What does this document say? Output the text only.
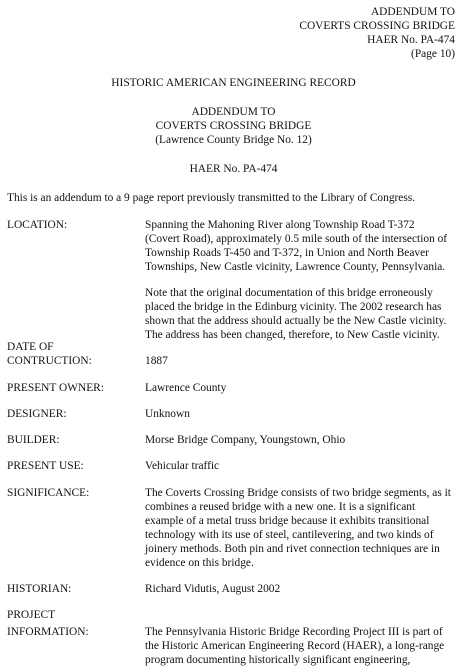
ADDENDUM TO
COVERTS CROSSING BRIDGE
HAER No. PA-474
(Page 10)
HISTORIC AMERICAN ENGINEERING RECORD
ADDENDUM TO
COVERTS CROSSING BRIDGE
(Lawrence County Bridge No. 12)
HAER No. PA-474
This is an addendum to a 9 page report previously transmitted to the Library of Congress.
LOCATION:	Spanning the Mahoning River along Township Road T-372
(Covert Road), approximately 0.5 mile south of the intersection of
Township Roads T-450 and T-372, in Union and North Beaver
Townships, New Castle vicinity, Lawrence County, Pennsylvania.
Note that the original documentation of this bridge erroneously
placed the bridge in the Edinburg vicinity. The 2002 research has
shown that the address should actually be the New Castle vicinity.
The address has been changed, therefore, to New Castle vicinity.
DATE OF
CONTRUCTION:	1887
PRESENT OWNER:	Lawrence County
DESIGNER:	Unknown
BUILDER:	Morse Bridge Company, Youngstown, Ohio
PRESENT USE:	Vehicular traffic
SIGNIFICANCE:	The Coverts Crossing Bridge consists of two bridge segments, as it
combines a reused bridge with a new one. It is a significant
example of a metal truss bridge because it exhibits transitional
technology with its use of steel, cantilevering, and two kinds of
joinery methods. Both pin and rivet connection techniques are in
evidence on this bridge.
HISTORIAN:	Richard Vidutis, August 2002
PROJECT
INFORMATION:	The Pennsylvania Historic Bridge Recording Project III is part of
the Historic American Engineering Record (HAER), a long-range
program documenting historically significant engineering,
